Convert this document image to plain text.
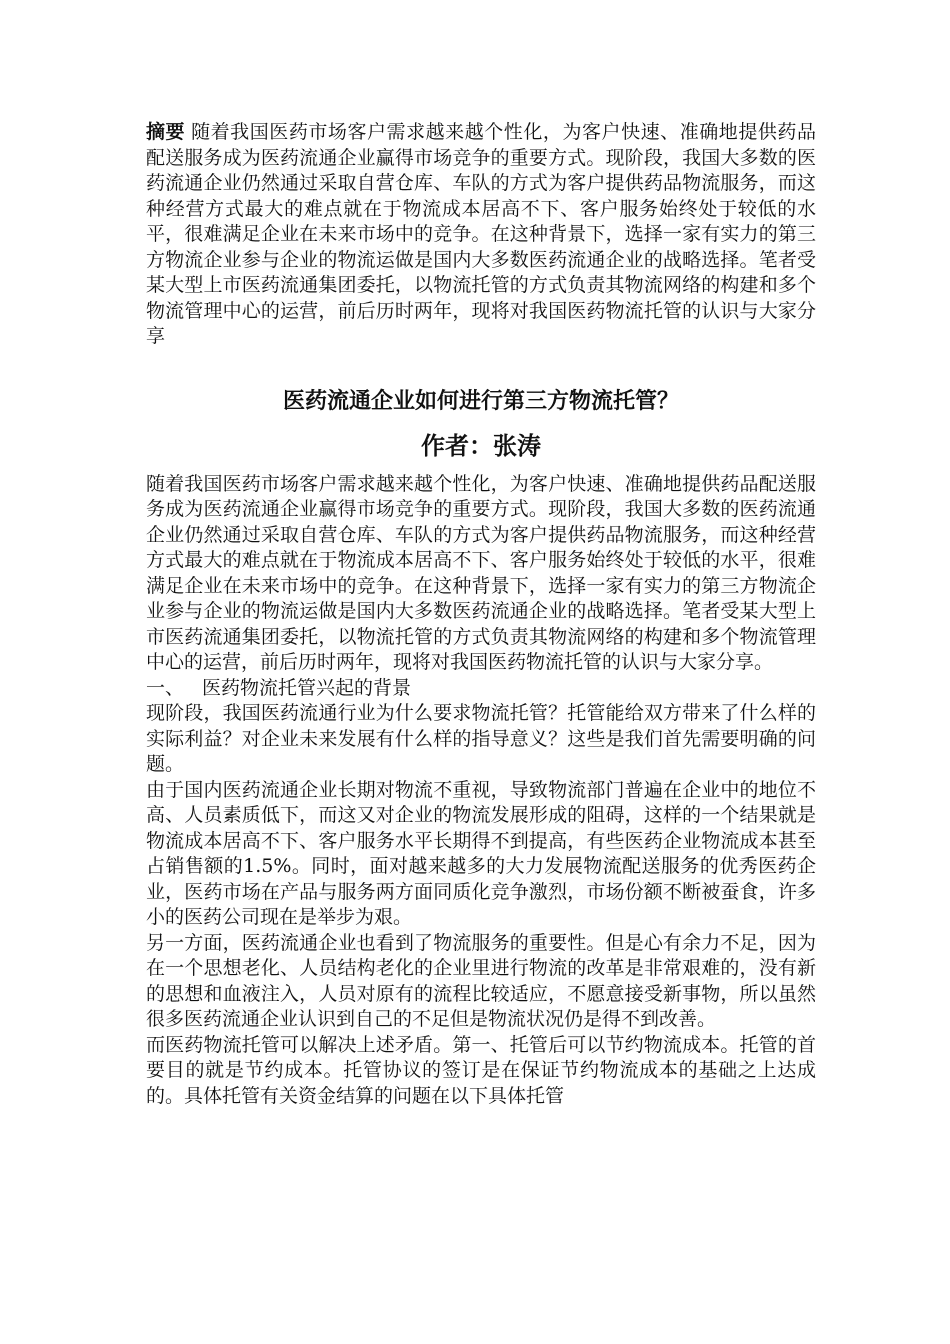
摘要 随着我国医药市场客户需求越来越个性化，为客户快速、准确地提供药品配送服务成为医药流通企业赢得市场竞争的重要方式。现阶段，我国大多数的医药流通企业仍然通过采取自营仓库、车队的方式为客户提供药品物流服务，而这种经营方式最大的难点就在于物流成本居高不下、客户服务始终处于较低的水平，很难满足企业在未来市场中的竞争。在这种背景下，选择一家有实力的第三方物流企业参与企业的物流运做是国内大多数医药流通企业的战略选择。笔者受某大型上市医药流通集团委托，以物流托管的方式负责其物流网络的构建和多个物流管理中心的运营，前后历时两年，现将对我国医药物流托管的认识与大家分享

医药流通企业如何进行第三方物流托管？
作者：张涛

随着我国医药市场客户需求越来越个性化，为客户快速、准确地提供药品配送服务成为医药流通企业赢得市场竞争的重要方式。现阶段，我国大多数的医药流通企业仍然通过采取自营仓库、车队的方式为客户提供药品物流服务，而这种经营方式最大的难点就在于物流成本居高不下、客户服务始终处于较低的水平，很难满足企业在未来市场中的竞争。在这种背景下，选择一家有实力的第三方物流企业参与企业的物流运做是国内大多数医药流通企业的战略选择。笔者受某大型上市医药流通集团委托，以物流托管的方式负责其物流网络的构建和多个物流管理中心的运营，前后历时两年，现将对我国医药物流托管的认识与大家分享。

一、 医药物流托管兴起的背景

现阶段，我国医药流通行业为什么要求物流托管？托管能给双方带来了什么样的实际利益？对企业未来发展有什么样的指导意义？这些是我们首先需要明确的问题。

由于国内医药流通企业长期对物流不重视，导致物流部门普遍在企业中的地位不高、人员素质低下，而这又对企业的物流发展形成的阻碍，这样的一个结果就是物流成本居高不下、客户服务水平长期得不到提高，有些医药企业物流成本甚至占销售额的1.5%。同时，面对越来越多的大力发展物流配送服务的优秀医药企业，医药市场在产品与服务两方面同质化竞争激烈，市场份额不断被蚕食，许多小的医药公司现在是举步为艰。

另一方面，医药流通企业也看到了物流服务的重要性。但是心有余力不足，因为在一个思想老化、人员结构老化的企业里进行物流的改革是非常艰难的，没有新的思想和血液注入，人员对原有的流程比较适应，不愿意接受新事物，所以虽然很多医药流通企业认识到自己的不足但是物流状况仍是得不到改善。

而医药物流托管可以解决上述矛盾。第一、托管后可以节约物流成本。托管的首要目的就是节约成本。托管协议的签订是在保证节约物流成本的基础之上达成的。具体托管有关资金结算的问题在以下具体托管
